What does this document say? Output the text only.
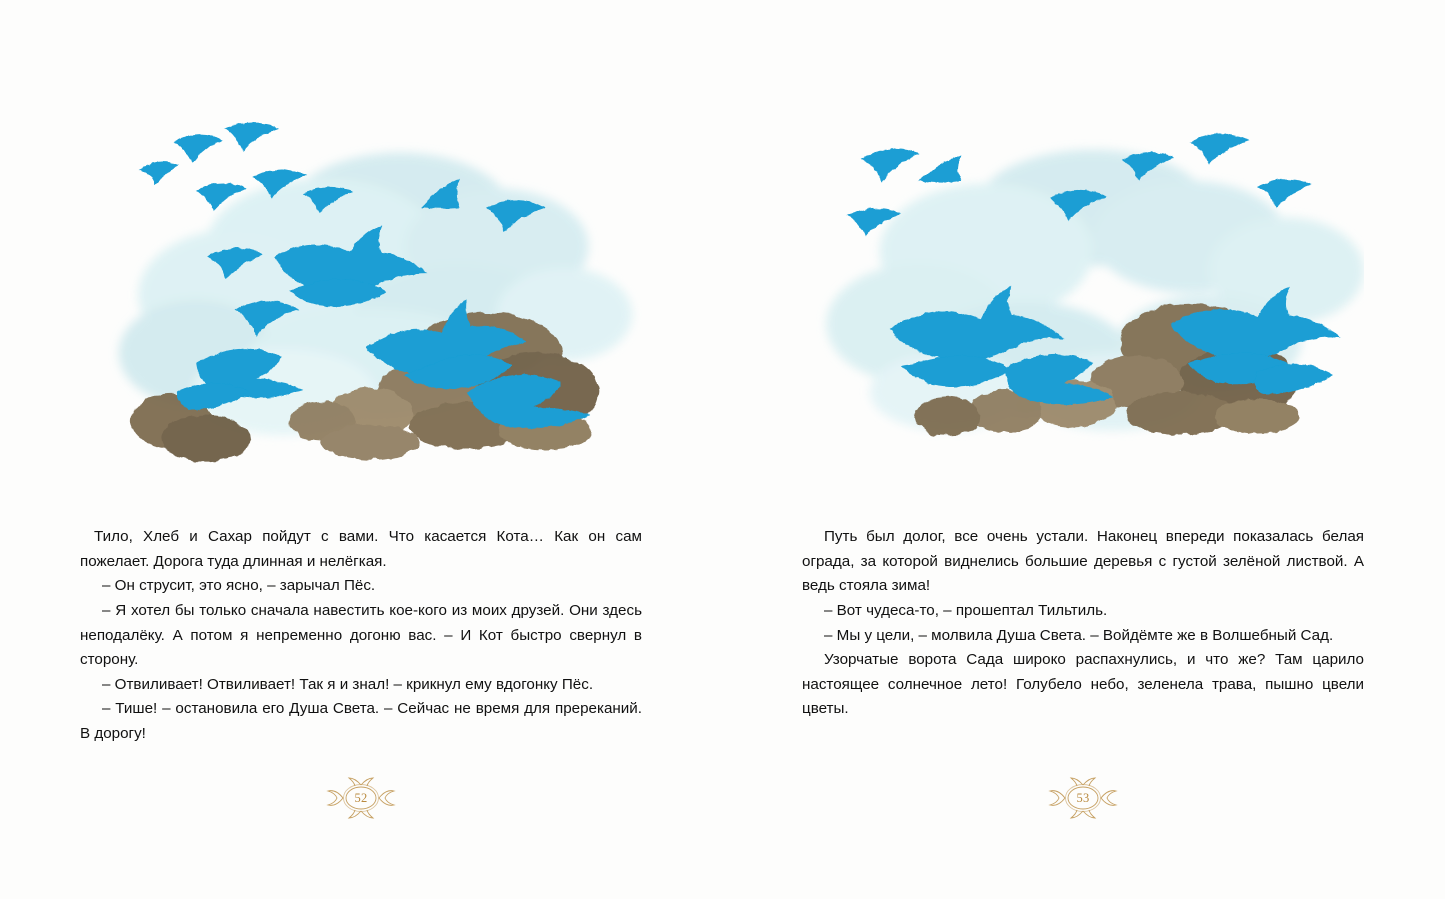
Тило, Хлеб и Сахар пойдут с вами. Что касается Кота… Как он сам пожелает. Дорога туда длинная и нелёгкая.

– Он струсит, это ясно, – зарычал Пёс.

– Я хотел бы только сначала навестить кое-кого из моих друзей. Они здесь неподалёку. А потом я непременно догоню вас. – И Кот быстро свернул в сторону.

– Отвиливает! Отвиливает! Так я и знал! – крикнул ему вдогонку Пёс.

– Тише! – остановила его Душа Света. – Сейчас не время для пререканий. В дорогу!

52

Путь был долог, все очень устали. Наконец впереди показалась белая ограда, за которой виднелись большие деревья с густой зелёной листвой. А ведь стояла зима!

– Вот чудеса-то, – прошептал Тильтиль.

– Мы у цели, – молвила Душа Света. – Войдёмте же в Волшебный Сад.

Узорчатые ворота Сада широко распахнулись, и что же? Там царило настоящее солнечное лето! Голубело небо, зеленела трава, пышно цвели цветы.

53
